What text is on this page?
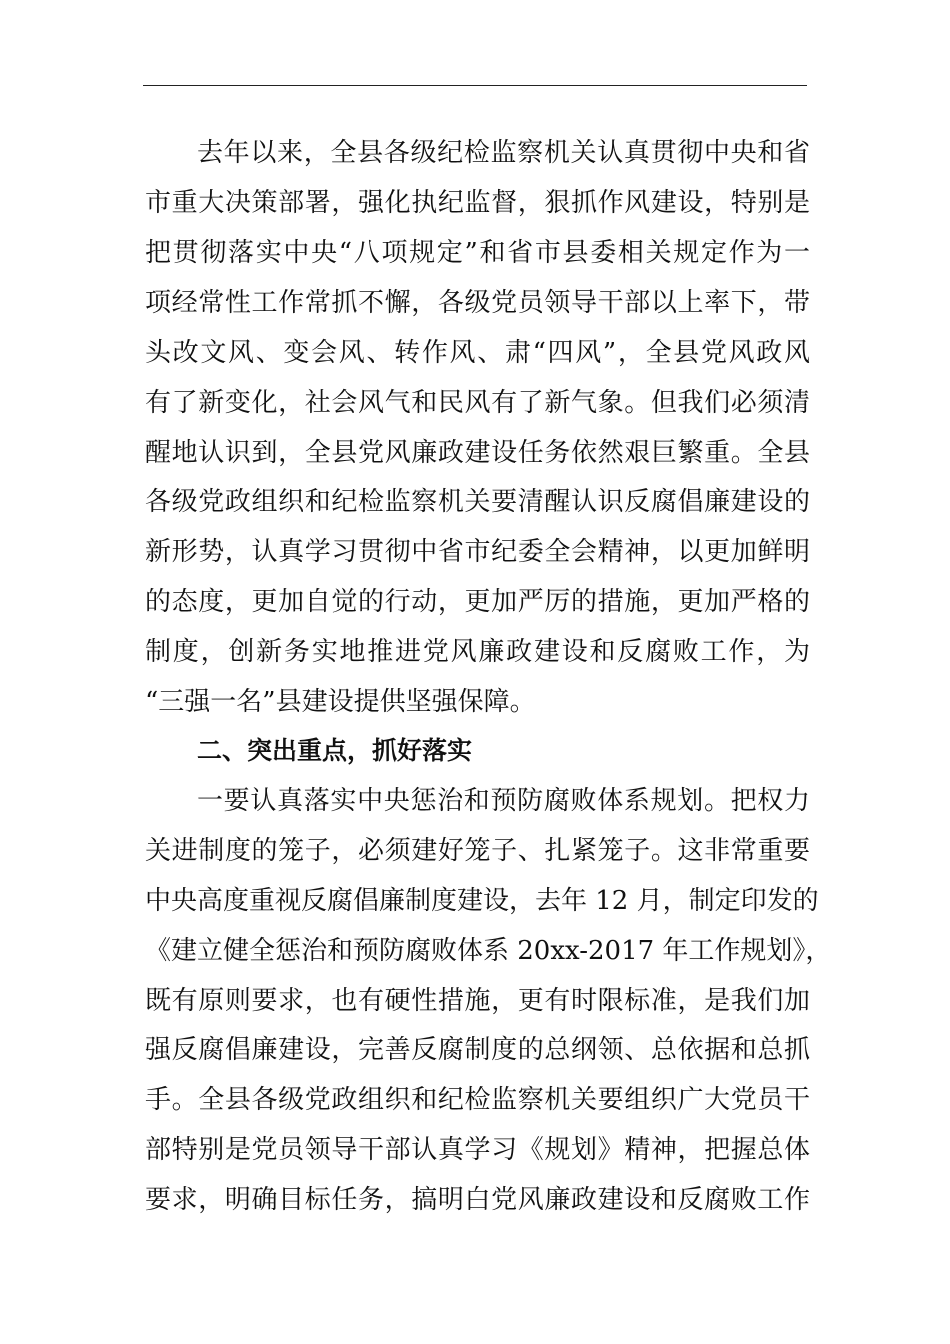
去年以来，全县各级纪检监察机关认真贯彻中央和省
市重大决策部署，强化执纪监督，狠抓作风建设，特别是
把贯彻落实中央“八项规定”和省市县委相关规定作为一
项经常性工作常抓不懈，各级党员领导干部以上率下，带
头改文风、变会风、转作风、肃“四风”，全县党风政风
有了新变化，社会风气和民风有了新气象。但我们必须清
醒地认识到，全县党风廉政建设任务依然艰巨繁重。全县
各级党政组织和纪检监察机关要清醒认识反腐倡廉建设的
新形势，认真学习贯彻中省市纪委全会精神，以更加鲜明
的态度，更加自觉的行动，更加严厉的措施，更加严格的
制度，创新务实地推进党风廉政建设和反腐败工作，为
“三强一名”县建设提供坚强保障。
二、突出重点，抓好落实
一要认真落实中央惩治和预防腐败体系规划。把权力
关进制度的笼子，必须建好笼子、扎紧笼子。这非常重要
中央高度重视反腐倡廉制度建设，去年 12 月，制定印发的
《建立健全惩治和预防腐败体系 20xx-2017 年工作规划》，
既有原则要求，也有硬性措施，更有时限标准，是我们加
强反腐倡廉建设，完善反腐制度的总纲领、总依据和总抓
手。全县各级党政组织和纪检监察机关要组织广大党员干
部特别是党员领导干部认真学习《规划》精神，把握总体
要求，明确目标任务，搞明白党风廉政建设和反腐败工作
